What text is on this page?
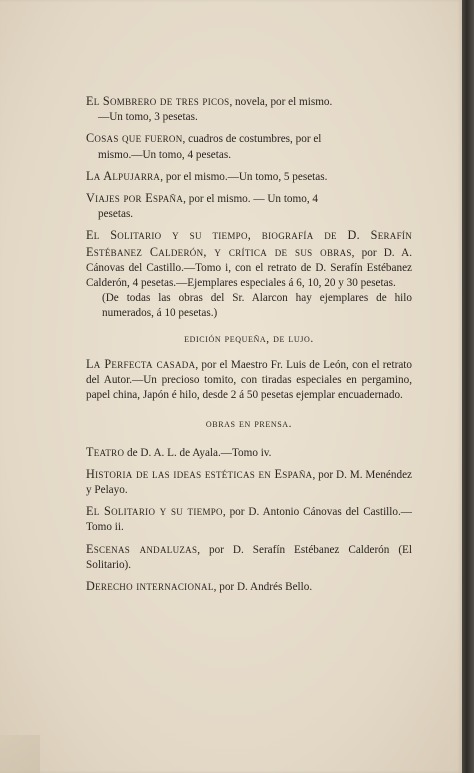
El Sombrero de tres picos, novela, por el mismo.
—Un tomo, 3 pesetas.

Cosas que fueron, cuadros de costumbres, por el
mismo.—Un tomo, 4 pesetas.

La Alpujarra, por el mismo.—Un tomo, 5 pesetas.

Viajes por España, por el mismo. — Un tomo, 4
pesetas.

El Solitario y su tiempo, biografía de D. Serafín Estébanez Calderón, y crítica de sus obras, por D. A. Cánovas del Castillo.—Tomo i, con el retrato de D. Serafín Estébanez Calderón, 4 pesetas.—Ejemplares especiales á 6, 10, 20 y 30 pesetas.
(De todas las obras del Sr. Alarcon hay ejemplares de hilo numerados, á 10 pesetas.)

edición pequeña, de lujo.

La Perfecta casada, por el Maestro Fr. Luis de León, con el retrato del Autor.—Un precioso tomito, con tiradas especiales en pergamino, papel china, Japón é hilo, desde 2 á 50 pesetas ejemplar encuadernado.

obras en prensa.

Teatro de D. A. L. de Ayala.—Tomo iv.

Historia de las ideas estéticas en España, por D. M. Menéndez y Pelayo.

El Solitario y su tiempo, por D. Antonio Cánovas del Castillo.—Tomo ii.

Escenas andaluzas, por D. Serafín Estébanez Calderón (El Solitario).

Derecho internacional, por D. Andrés Bello.
